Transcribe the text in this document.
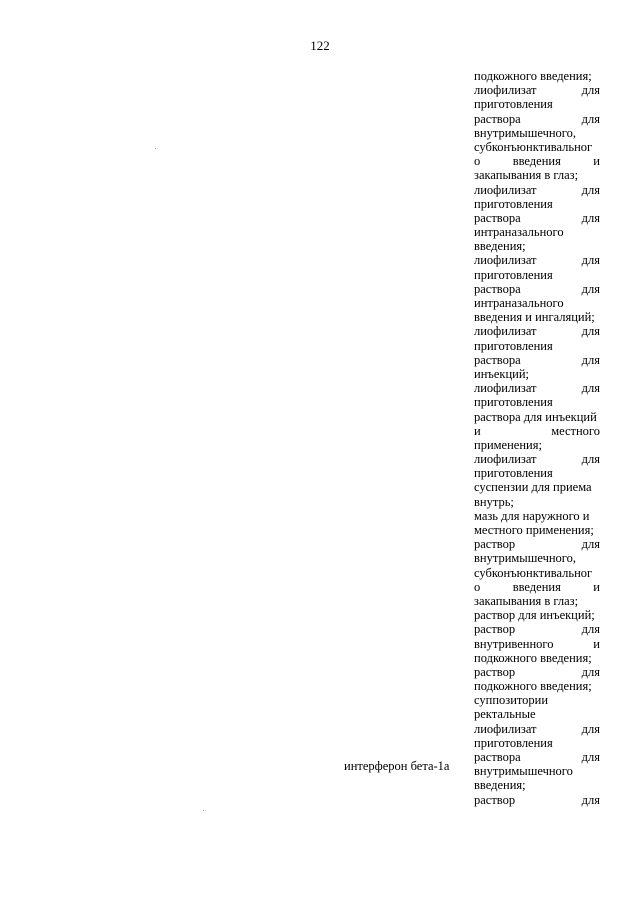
122
интерферон бета-1а
подкожного введения;
лиофилизат	для
приготовления
раствора	для
внутримышечного,
субконъюнктивальног
о	введения	и
закапывания в глаз;
лиофилизат	для
приготовления
раствора	для
интраназального
введения;
лиофилизат	для
приготовления
раствора	для
интраназального
введения и ингаляций;
лиофилизат	для
приготовления
раствора	для
инъекций;
лиофилизат	для
приготовления
раствора для инъекций
и	местного
применения;
лиофилизат	для
приготовления
суспензии для приема
внутрь;
мазь для наружного и
местного применения;
раствор	для
внутримышечного,
субконъюнктивальног
о	введения	и
закапывания в глаз;
раствор для инъекций;
раствор	для
внутривенного	и
подкожного введения;
раствор	для
подкожного введения;
суппозитории
ректальные
лиофилизат	для
приготовления
раствора	для
внутримышечного
введения;
раствор	для
